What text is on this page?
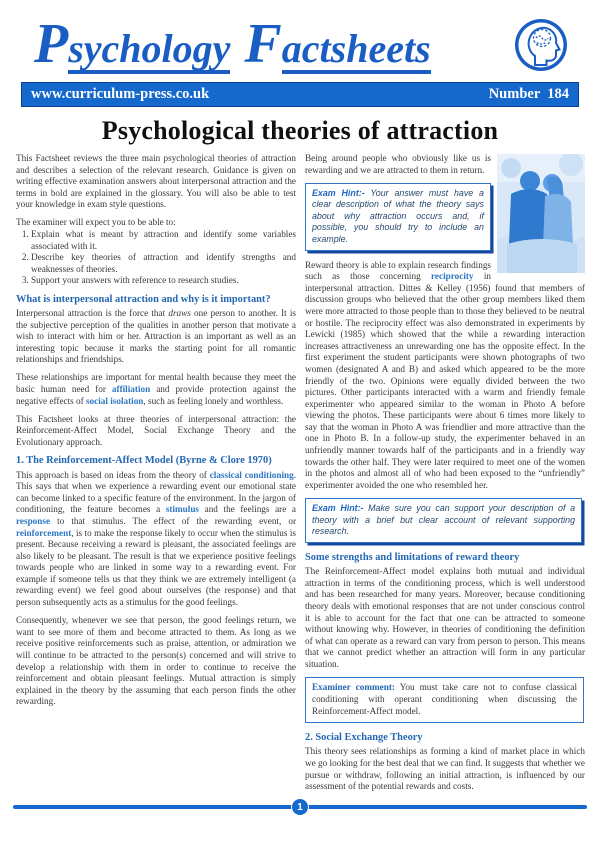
Psychology Factsheets
www.curriculum-press.co.uk	Number  184
Psychological theories of attraction

This Factsheet reviews the three main psychological theories of attraction and describes a selection of the relevant research. Guidance is given on writing effective examination answers about interpersonal attraction and the terms in bold are explained in the glossary. You will also be able to test your knowledge in exam style questions.

The examiner will expect you to be able to:

1. Explain what is meant by attraction and identify some variables associated with it.
2. Describe key theories of attraction and identify strengths and weaknesses of theories.
3. Support your answers with reference to research studies.
What is interpersonal attraction and why is it important?

Interpersonal attraction is the force that draws one person to another. It is the subjective perception of the qualities in another person that motivate a wish to interact with him or her. Attraction is an important as well as an interesting topic because it marks the starting point for all romantic relationships and friendships.

These relationships are important for mental health because they meet the basic human need for affiliation and provide protection against the negative effects of social isolation, such as feeling lonely and worthless.

This Factsheet looks at three theories of interpersonal attraction: the Reinforcement-Affect Model, Social Exchange Theory and the Evolutionary approach.

1. The Reinforcement-Affect Model (Byrne & Clore 1970)

This approach is based on ideas from the theory of classical conditioning. This says that when we experience a rewarding event our emotional state can become linked to a specific feature of the environment. In the jargon of conditioning, the feature becomes a stimulus and the feelings are a response to that stimulus. The effect of the rewarding event, or reinforcement, is to make the response likely to occur when the stimulus is present. Because receiving a reward is pleasant, the associated feelings are also likely to be pleasant. The result is that we experience positive feelings towards people who are linked in some way to a rewarding event. For example if someone tells us that they think we are extremely intelligent (a rewarding event) we feel good about ourselves (the response) and that person subsequently acts as a stimulus for the good feelings.

Consequently, whenever we see that person, the good feelings return, we want to see more of them and become attracted to them. As long as we receive positive reinforcements such as praise, attention, or admiration we will continue to be attracted to the person(s) concerned and will strive to develop a relationship with them in order to continue to receive the reinforcement and obtain pleasant feelings. Mutual attraction is simply explained in the theory by the assuming that each person finds the other rewarding.

Being around people who obviously like us is rewarding and we are attracted to them in return.

Exam Hint:- Your answer must have a clear description of what the theory says about why attraction occurs and, if possible, you should try to include an example.

Reward theory is able to explain research findings such as those concerning reciprocity in interpersonal attraction. Dittes & Kelley (1956) found that members of discussion groups who believed that the other group members liked them were more attracted to those people than to those they believed to be neutral or hostile. The reciprocity effect was also demonstrated in experiments by Lewicki (1985) which showed that the while a rewarding interaction increases attractiveness an unrewarding one has the opposite effect. In the first experiment the student participants were shown photographs of two women (designated A and B) and asked which appeared to be the more friendly of the two. Opinions were equally divided between the two pictures. Other participants interacted with a warm and friendly female experimenter who appeared similar to the woman in Photo A before viewing the photos. These participants were about 6 times more likely to say that the woman in Photo A was friendlier and more attractive than the one in Photo B. In a follow-up study, the experimenter behaved in an unfriendly manner towards half of the participants and in a friendly way towards the other half. They were later required to meet one of the women in the photos and almost all of who had been exposed to the “unfriendly” experimenter avoided the one who resembled her.

Exam Hint:- Make sure you can support your description of a theory with a brief but clear account of relevant supporting research.
Some strengths and limitations of reward theory

The Reinforcement-Affect model explains both mutual and individual attraction in terms of the conditioning process, which is well understood and has been researched for many years. Moreover, because conditioning theory deals with emotional responses that are not under conscious control it is able to account for the fact that one can be attracted to someone without knowing why. However, in theories of conditioning the definition of what can operate as a reward can vary from person to person. This means that we cannot predict whether an attraction will form in any particular situation.

Examiner comment: You must take care not to confuse classical conditioning with operant conditioning when discussing the Reinforcement-Affect model.
2. Social Exchange Theory

This theory sees relationships as forming a kind of market place in which we go looking for the best deal that we can find. It suggests that whether we pursue or withdraw, following an initial attraction, is influenced by our assessment of the potential rewards and costs.

1
